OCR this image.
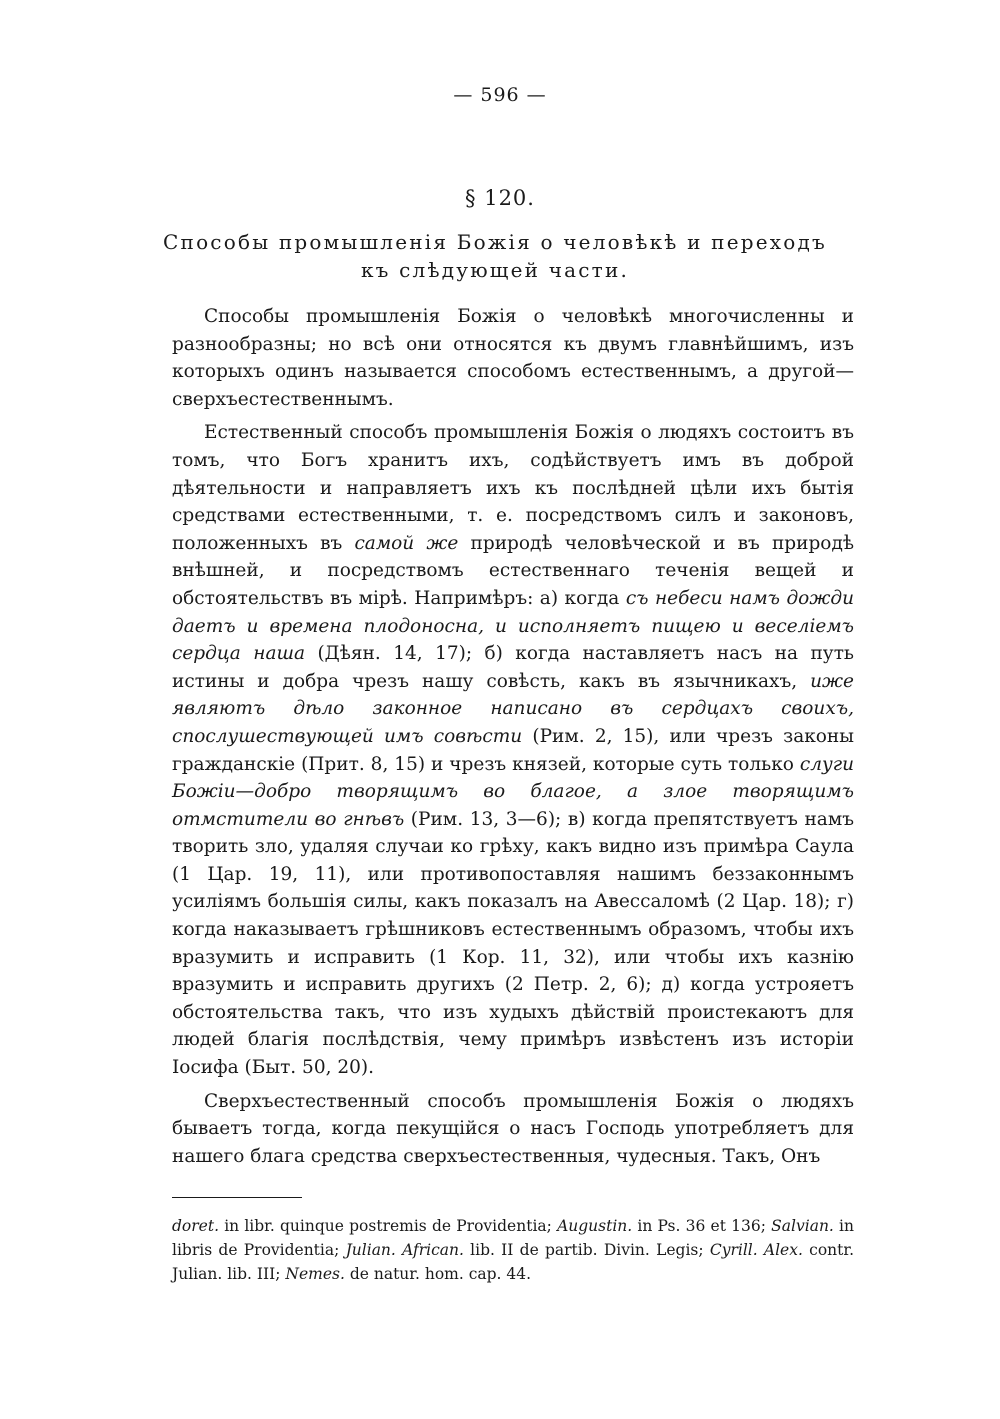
— 596 —
§ 120.
Способы промышленія Божія о человѣкѣ и переходъ
къ слѣдующей части.

Способы промышленія Божія о человѣкѣ многочисленны и разнообразны; но всѣ они относятся къ двумъ главнѣйшимъ, изъ которыхъ одинъ называется способомъ естественнымъ, а другой— сверхъестественнымъ.

Естественный способъ промышленія Божія о людяхъ состоитъ въ томъ, что Богъ хранитъ ихъ, содѣйствуетъ имъ въ доброй дѣятельности и направляетъ ихъ къ послѣдней цѣли ихъ бытія средствами естественными, т. е. посредствомъ силъ и законовъ, положенныхъ въ самой же природѣ человѣческой и въ природѣ внѣшней, и посредствомъ естественнаго теченія вещей и обстоятельствъ въ мірѣ. Напримѣръ: а) когда съ небеси намъ дожди даетъ и времена плодоносна, и исполняетъ пищею и веселіемъ сердца наша (Дѣян. 14, 17); б) когда наставляетъ насъ на путь истины и добра чрезъ нашу совѣсть, какъ въ язычникахъ, иже являютъ дѣло законное написано въ сердцахъ своихъ, спослушествующей имъ совѣсти (Рим. 2, 15), или чрезъ законы гражданскіе (Прит. 8, 15) и чрезъ князей, которые суть только слуги Божіи—добро творящимъ во благое, а злое творящимъ отмстители во гнѣвъ (Рим. 13, 3—6); в) когда препятствуетъ намъ творить зло, удаляя случаи ко грѣху, какъ видно изъ примѣра Саула (1 Цар. 19, 11), или противопоставляя нашимъ беззаконнымъ усиліямъ большія силы, какъ показалъ на Авессаломѣ (2 Цар. 18); г) когда наказываетъ грѣшниковъ естественнымъ образомъ, чтобы ихъ вразумить и исправить (1 Кор. 11, 32), или чтобы ихъ казнію вразумить и исправить другихъ (2 Петр. 2, 6); д) когда устрояетъ обстоятельства такъ, что изъ худыхъ дѣйствій проистекаютъ для людей благія послѣдствія, чему примѣръ извѣстенъ изъ исторіи Іосифа (Быт. 50, 20).

Сверхъестественный способъ промышленія Божія о людяхъ бываетъ тогда, когда пекущійся о насъ Господь употребляетъ для нашего блага средства сверхъестественныя, чудесныя. Такъ, Онъ

doret. in libr. quinque postremis de Providentia; Augustin. in Ps. 36 et 136; Salvian. in libris de Providentia; Julian. African. lib. II de partib. Divin. Legis; Cyrill. Alex. contr. Julian. lib. III; Nemes. de natur. hom. cap. 44.
